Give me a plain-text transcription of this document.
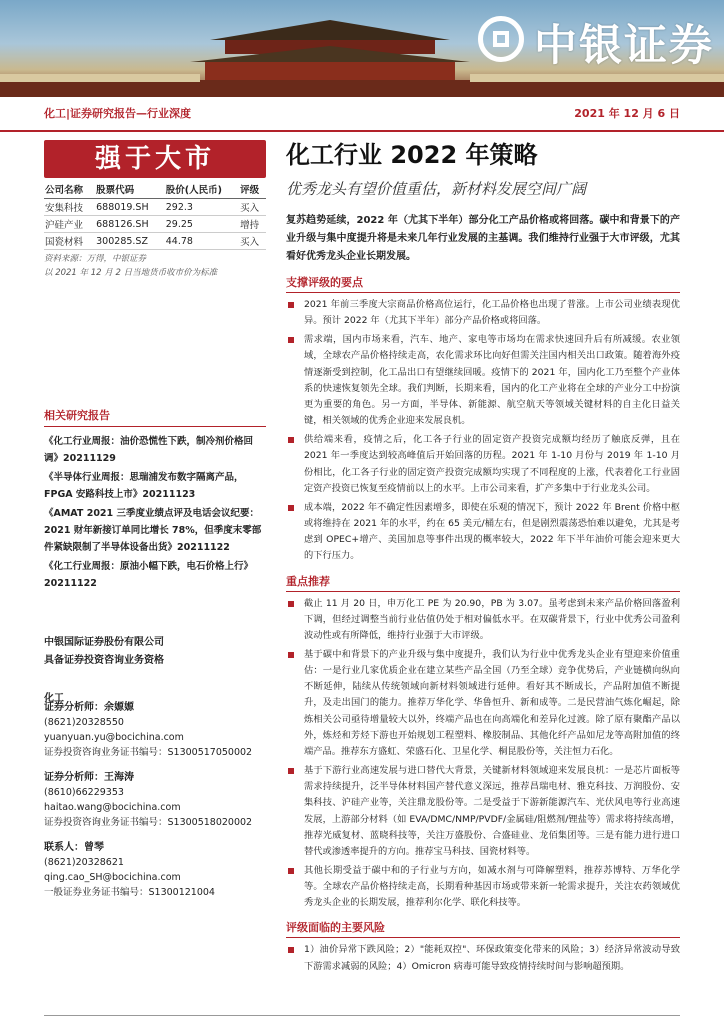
中银证券
化工|证券研究报告—行业深度	2021 年 12 月 6 日
强于大市
公司名称	股票代码	股价(人民币)	评级
安集科技	688019.SH	292.3	买入
沪硅产业	688126.SH	29.25	增持
国瓷材料	300285.SZ	44.78	买入
资料来源：万得，中银证券
以 2021 年 12 月 2 日当地货币收市价为标准
相关研究报告
《化工行业周报：油价恐慌性下跌，制冷剂价格回调》20211129
《半导体行业周报：思瑞浦发布数字隔离产品，FPGA 安路科技上市》20211123
《AMAT 2021 三季度业绩点评及电话会议纪要：2021 财年新接订单同比增长 78%，但季度末零部件紧缺限制了半导体设备出货》20211122
《化工行业周报：原油小幅下跌，电石价格上行》20211122
中银国际证券股份有限公司
具备证券投资咨询业务资格
化工
证券分析师：余嫄嫄
(8621)20328550
yuanyuan.yu@bocichina.com
证券投资咨询业务证书编号：S1300517050002
证券分析师：王海涛
(8610)66229353
haitao.wang@bocichina.com
证券投资咨询业务证书编号：S1300518020002
联系人：曾琴
(8621)20328621
qing.cao_SH@bocichina.com
一般证券业务证书编号：S1300121004
化工行业 2022 年策略
优秀龙头有望价值重估，新材料发展空间广阔
复苏趋势延续，2022 年（尤其下半年）部分化工产品价格或将回落。碳中和背景下的产业升级与集中度提升将是未来几年行业发展的主基调。我们维持行业强于大市评级，尤其看好优秀龙头企业长期发展。
支撑评级的要点
2021 年前三季度大宗商品价格高位运行，化工品价格也出现了普涨。上市公司业绩表现优异。预计 2022 年（尤其下半年）部分产品价格或将回落。
需求端，国内市场来看，汽车、地产、家电等市场均在需求快速回升后有所减缓。农业领域，全球农产品价格持续走高，农化需求环比向好但需关注国内相关出口政策。随着海外疫情逐渐受到控制，化工品出口有望继续回暖。疫情下的 2021 年，国内化工乃至整个产业体系的快速恢复领先全球。我们判断，长期来看，国内的化工产业将在全球的产业分工中扮演更为重要的角色。另一方面，半导体、新能源、航空航天等领域关键材料的自主化日益关键，相关领域的优秀企业迎来发展良机。
供给端来看，疫情之后，化工各子行业的固定资产投资完成额均经历了触底反弹，且在 2021 年一季度达到较高峰值后开始回落的历程。2021 年 1-10 月份与 2019 年 1-10 月份相比，化工各子行业的固定资产投资完成额均实现了不同程度的上涨，代表着化工行业固定资产投资已恢复至疫情前以上的水平。上市公司来看，扩产多集中于行业龙头公司。
成本端，2022 年不确定性因素增多，即使在乐观的情况下，预计 2022 年 Brent 价格中枢或将维持在 2021 年的水平，约在 65 美元/桶左右，但是剧烈震荡恐怕难以避免，尤其是考虑到 OPEC+增产、美国加息等事件出现的概率较大，2022 年下半年油价可能会迎来更大的下行压力。
重点推荐
截止 11 月 20 日，申万化工 PE 为 20.90，PB 为 3.07。虽考虑到未来产品价格回落盈利下调，但经过调整当前行业估值仍处于相对偏低水平。在双碳背景下，行业中优秀公司盈利波动性或有所降低，维持行业强于大市评级。
基于碳中和背景下的产业升级与集中度提升，我们认为行业中优秀龙头企业有望迎来价值重估：一是行业几家优质企业在建立某些产品全国（乃至全球）竞争优势后，产业链横向纵向不断延伸，陆续从传统领域向新材料领域进行延伸。看好其不断成长，产品附加值不断提升，及走出国门的能力。推荐万华化学、华鲁恒升、新和成等。二是民营油气炼化崛起，除炼相关公司亟待增量较大以外，终端产品也在向高端化和差异化过渡。除了原有聚酯产品以外，炼烃和芳烃下游也开始规划工程塑料、橡胶制品、其他化纤产品如尼龙等高附加值的终端产品。推荐东方盛虹、荣盛石化、卫星化学、桐昆股份等，关注恒力石化。
基于下游行业高速发展与进口替代大背景，关键新材料领域迎来发展良机：一是芯片面板等需求持续提升，泛半导体材料国产替代意义深远，推荐昌瑞电材、雅克科技、万润股份、安集科技、沪硅产业等，关注鼎龙股份等。二是受益于下游新能源汽车、光伏风电等行业高速发展，上游部分材料（如 EVA/DMC/NMP/PVDF/金属硅/阻燃剂/锂盐等）需求将持续高增，推荐光威复材、蓝晓科技等，关注万盛股份、合盛硅业、龙佰集团等。三是有能力进行进口替代或渗透率提升的方向。推荐宝马科技、国瓷材料等。
其他长期受益于碳中和的子行业与方向，如减水剂与可降解塑料，推荐苏博特、万华化学等。全球农产品价格持续走高，长期看种基因市场或带来新一轮需求提升，关注农药领域优秀龙头企业的长期发展，推荐利尔化学、联化科技等。
评级面临的主要风险
1）油价异常下跌风险；2）"能耗双控"、环保政策变化带来的风险；3）经济异常波动导致下游需求减弱的风险；4）Omicron 病毒可能导致疫情持续时间与影响超预期。
